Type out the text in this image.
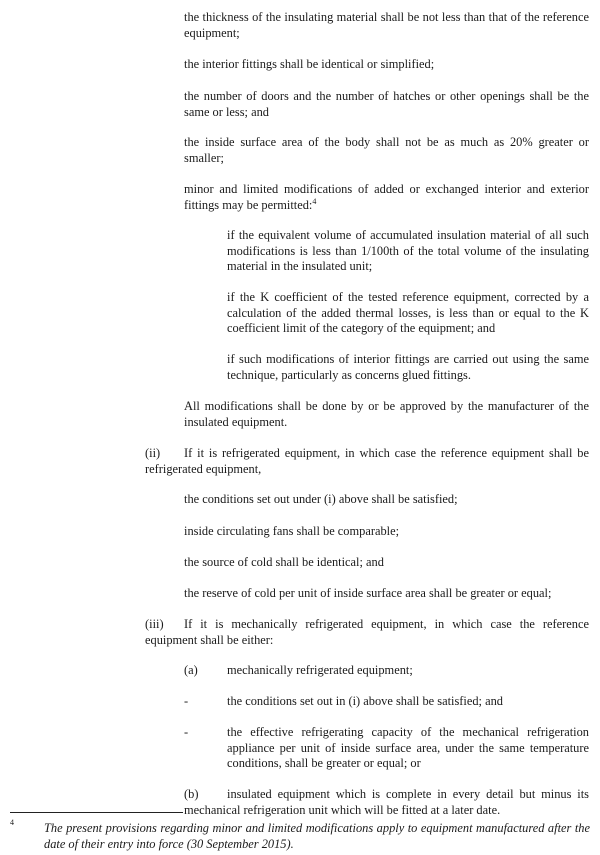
the thickness of the insulating material shall be not less than that of the reference equipment;

the interior fittings shall be identical or simplified;

the number of doors and the number of hatches or other openings shall be the same or less; and

the inside surface area of the body shall not be as much as 20% greater or smaller;

minor and limited modifications of added or exchanged interior and exterior fittings may be permitted:$^4$

if the equivalent volume of accumulated insulation material of all such modifications is less than 1/100th of the total volume of the insulating material in the insulated unit;

if the K coefficient of the tested reference equipment, corrected by a calculation of the added thermal losses, is less than or equal to the K coefficient limit of the category of the equipment; and

if such modifications of interior fittings are carried out using the same technique, particularly as concerns glued fittings.

All modifications shall be done by or be approved by the manufacturer of the insulated equipment.

If it is refrigerated equipment, in which case the reference equipment shall be refrigerated equipment,

(ii)

the conditions set out under (i) above shall be satisfied;

inside circulating fans shall be comparable;

the source of cold shall be identical; and

the reserve of cold per unit of inside surface area shall be greater or equal;

If it is mechanically refrigerated equipment, in which case the reference equipment shall be either:

(iii)
(a) mechanically refrigerated equipment;

-	the conditions set out in (i) above shall be satisfied; and

-	the effective refrigerating capacity of the mechanical refrigeration appliance per unit of inside surface area, under the same temperature conditions, shall be greater or equal; or

insulated equipment which is complete in every detail but minus its mechanical refrigeration unit which will be fitted at a later date.

(b)
4 The present provisions regarding minor and limited modifications apply to equipment manufactured after the date of their entry into force (30 September 2015).
